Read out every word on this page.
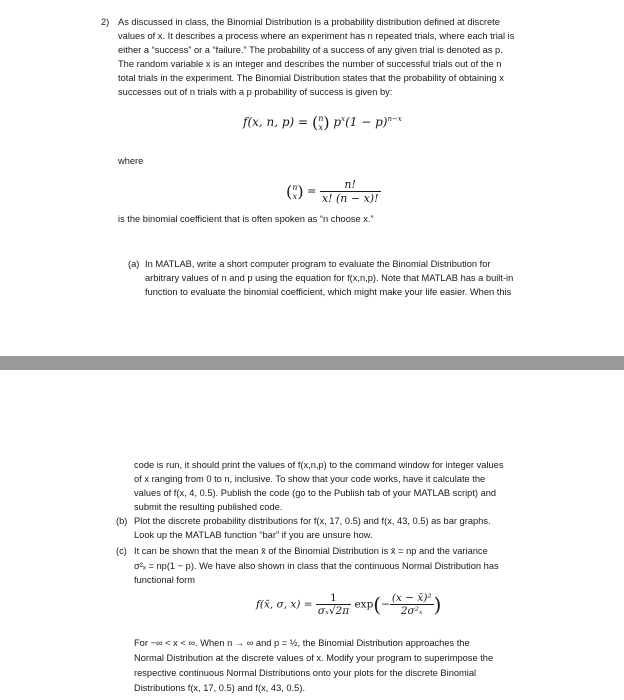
2) As discussed in class, the Binomial Distribution is a probability distribution defined at discrete
values of x. It describes a process where an experiment has n repeated trials, where each trial is
either a “success” or a “failure.” The probability of a success of any given trial is denoted as p.
The random variable x is an integer and describes the number of successful trials out of the n
total trials in the experiment. The Binomial Distribution states that the probability of obtaining x
successes out of n trials with a p probability of success is given by:
f(x, n, p) = ( n
x ) $p^x(1 - p)^{n-x}$
where
( n
x ) = $\frac{n!}{x! (n - x)!}$
is the binomial coefficient that is often spoken as “n choose x.”
(a) In MATLAB, write a short computer program to evaluate the Binomial Distribution for
arbitrary values of n and p using the equation for f(x,n,p). Note that MATLAB has a built-in
function to evaluate the binomial coefficient, which might make your life easier. When this
code is run, it should print the values of f(x,n,p) to the command window for integer values
of x ranging from 0 to n, inclusive. To show that your code works, have it calculate the
values of f(x, 4, 0.5). Publish the code (go to the Publish tab of your MATLAB script) and
submit the resulting published code.
(b) Plot the discrete probability distributions for f(x, 17, 0.5) and f(x, 43, 0.5) as bar graphs.
Look up the MATLAB function “bar” if you are unsure how.
(c) It can be shown that the mean x̄ of the Binomial Distribution is x̄ = np and the variance
σ²ₓ = np(1 − p). We have also shown in class that the continuous Normal Distribution has
functional form
f(x̄, σ, $x) = \frac{1}{\text{σₓ√2π}} \exp(- \frac{\text{(x − x̄)²}}{\text{2σ²ₓ}}$ )
For −∞ < x < ∞. When n → ∞ and p = ½, the Binomial Distribution approaches the
Normal Distribution at the discrete values of x. Modify your program to superimpose the
respective continuous Normal Distributions onto your plots for the discrete Binomial
Distributions f(x, 17, 0.5) and f(x, 43, 0.5).
